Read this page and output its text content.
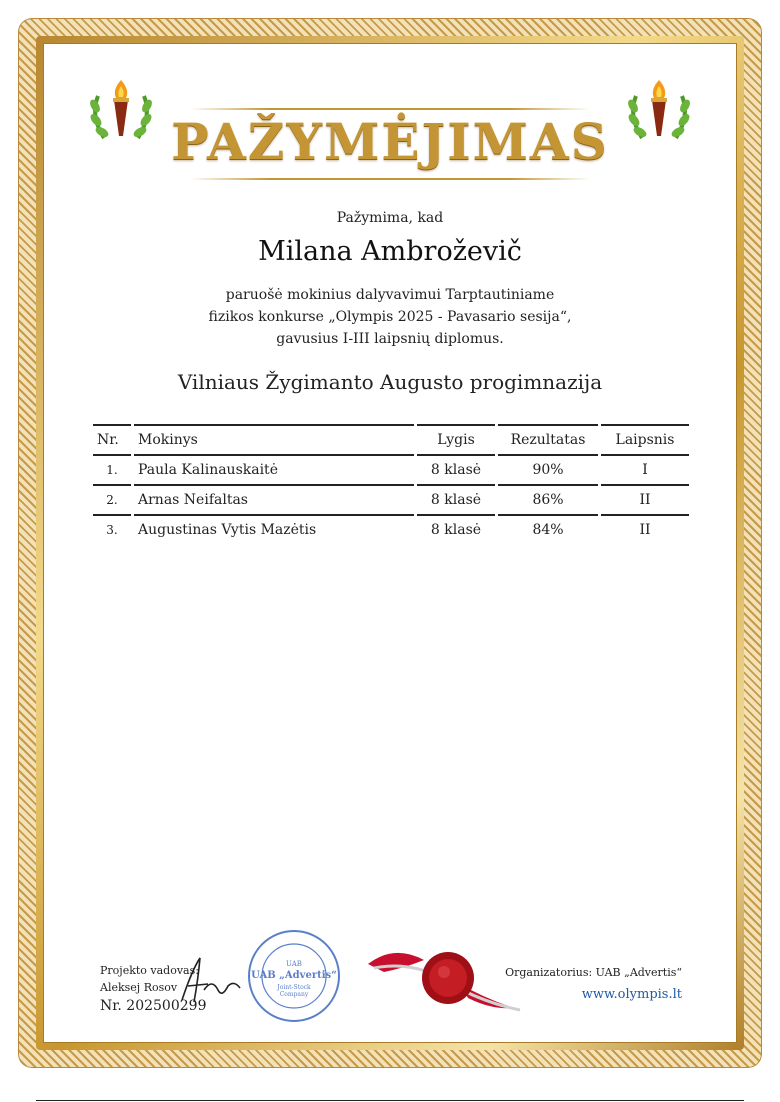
PAŽYMĖJIMAS
Pažymima, kad
Milana Ambroževič
paruošė mokinius dalyvavimui Tarptautiniame
fizikos konkurse „Olympis 2025 - Pavasario sesija“,
gavusius I-III laipsnių diplomus.
Vilniaus Žygimanto Augusto progimnazija
Nr.	Mokinys	Lygis	Rezultatas	Laipsnis
1.	Paula Kalinauskaitė	8 klasė	90%	I
2.	Arnas Neifaltas	8 klasė	86%	II
3.	Augustinas Vytis Mazėtis	8 klasė	84%	II
Projekto vadovas:
Aleksej Rosov
Nr. 202500299
UAB
UAB „Advertis“
Joint-Stock
Company
Organizatorius: UAB „Advertis“
www.olympis.lt
